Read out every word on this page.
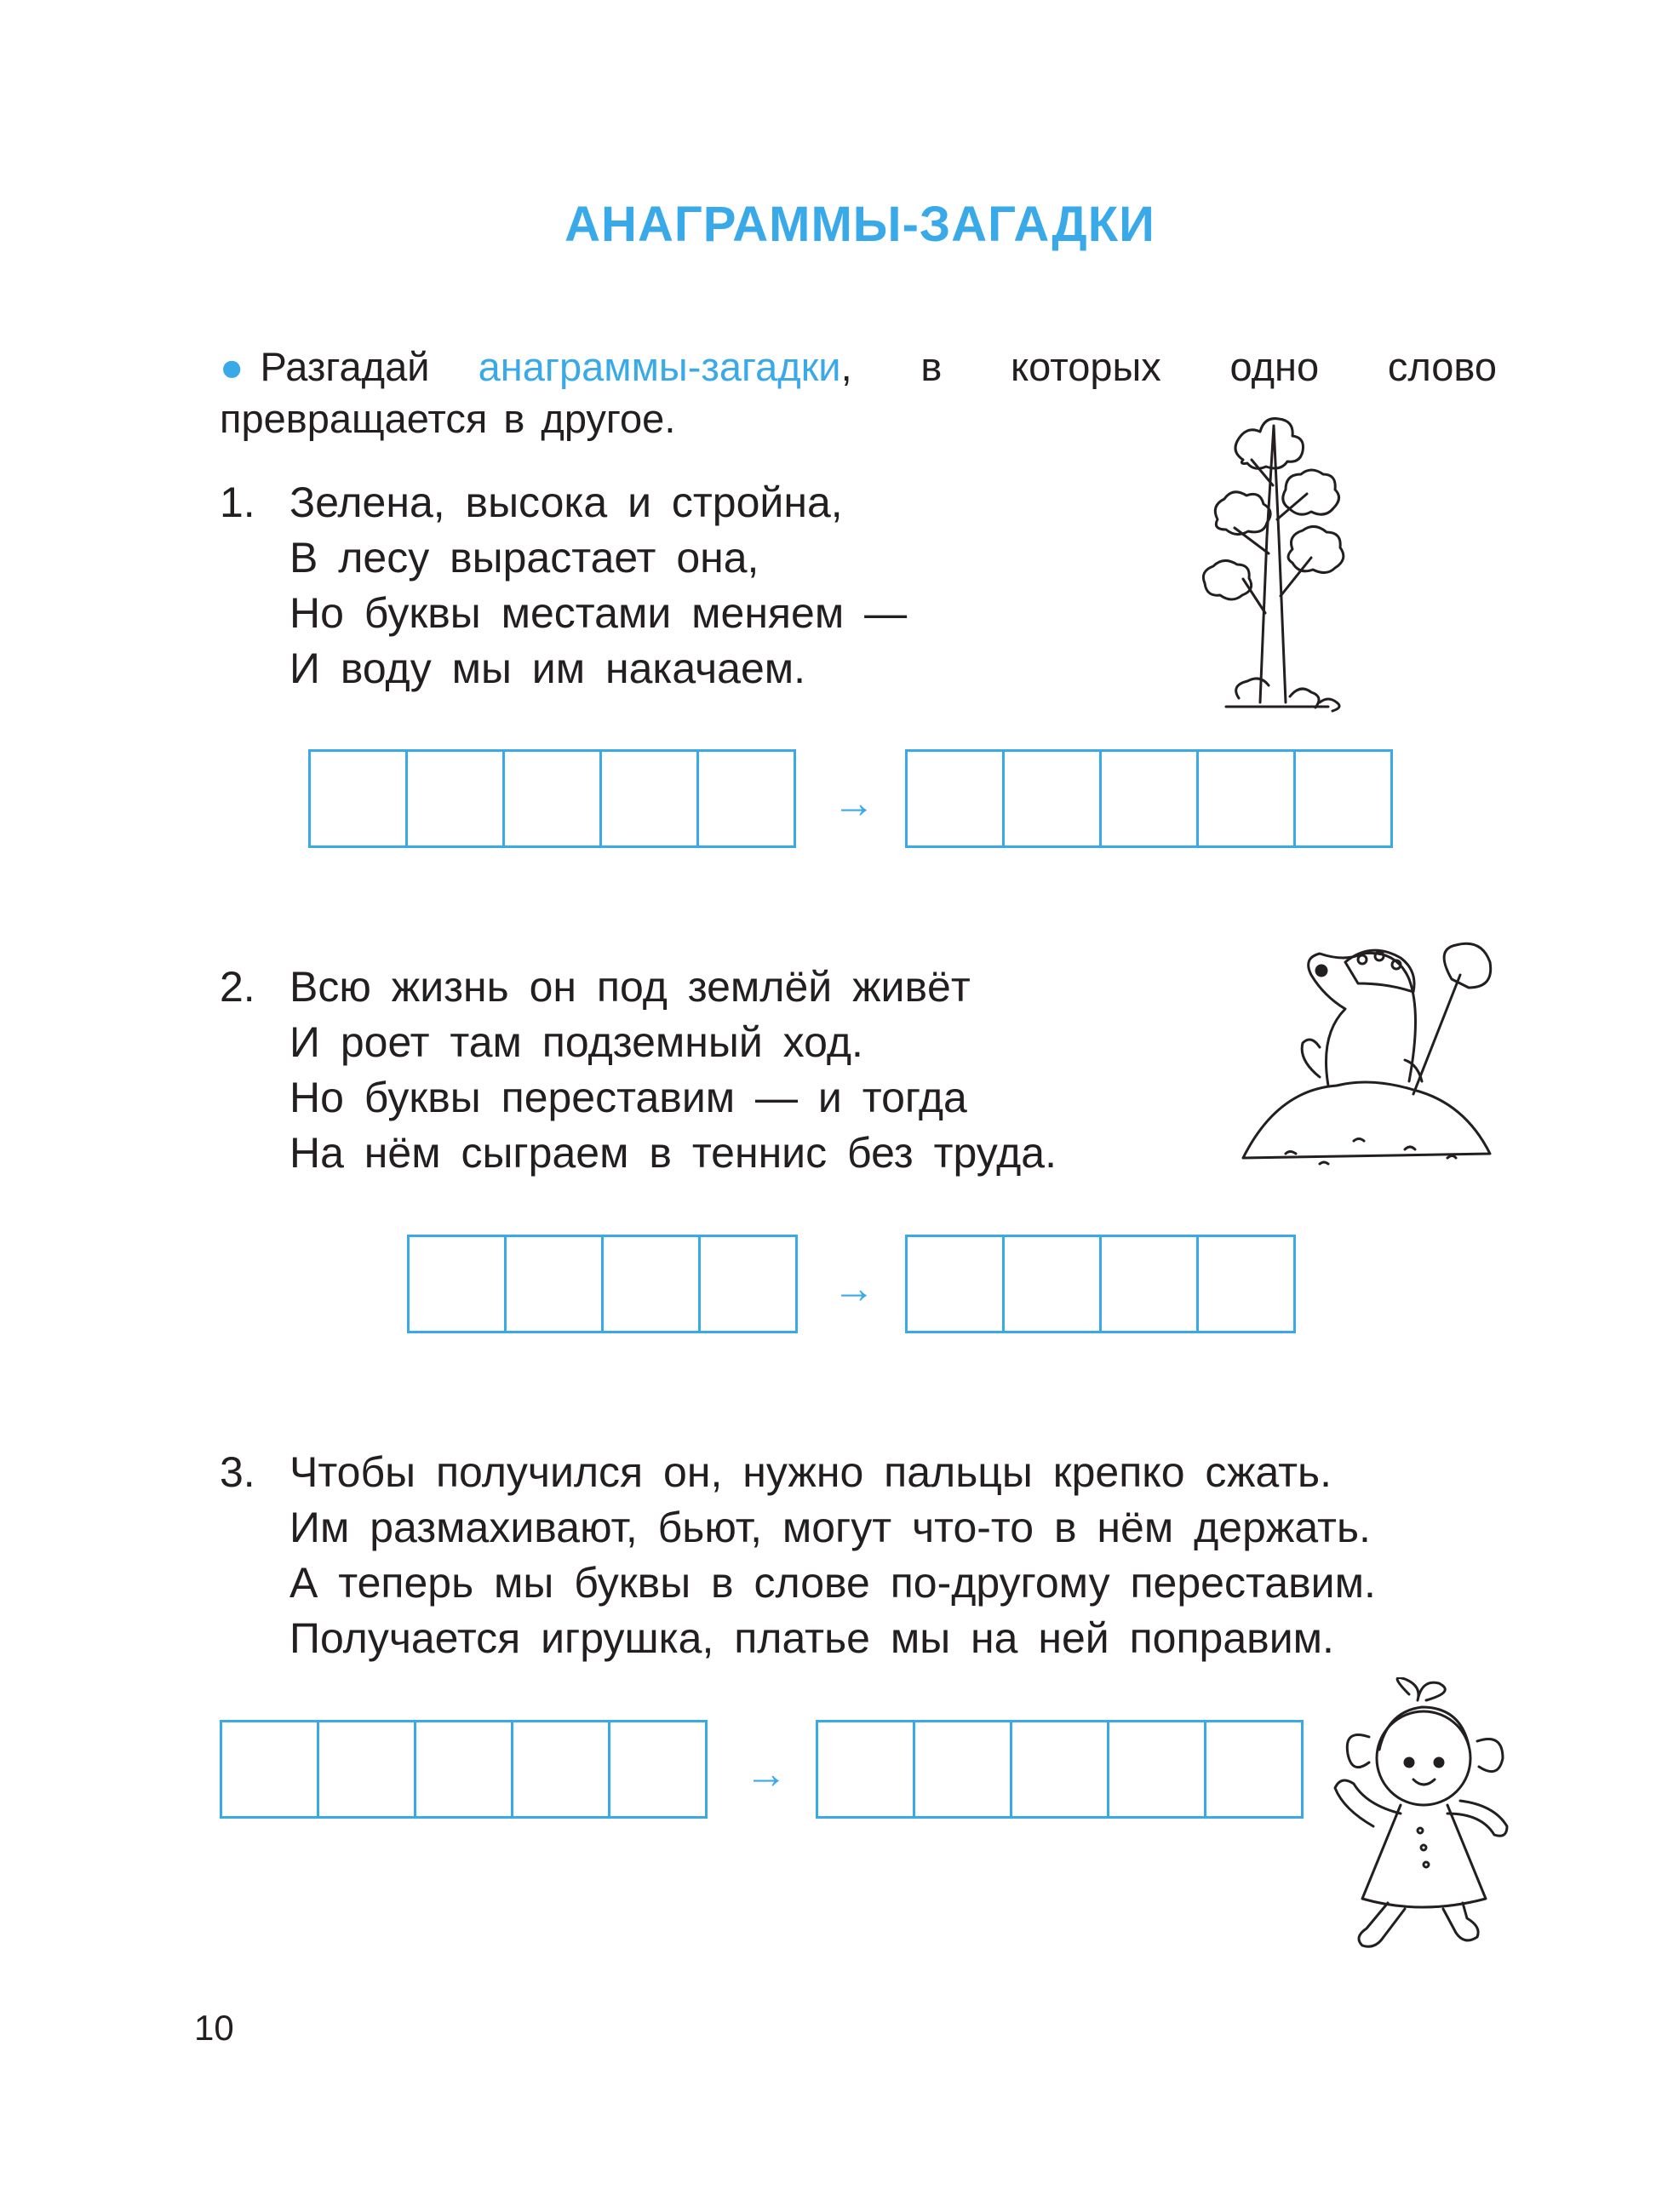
АНАГРАММЫ-ЗАГАДКИ
● Разгадай анаграммы-загадки, в которых одно слово
превращается в другое.
1. Зелена, высока и стройна,
В лесу вырастает она,
Но буквы местами меняем —
И воду мы им накачаем.
→
2. Всю жизнь он под землёй живёт
И роет там подземный ход.
Но буквы переставим — и тогда
На нём сыграем в теннис без труда.
→
3. Чтобы получился он, нужно пальцы крепко сжать.
Им размахивают, бьют, могут что-то в нём держать.
А теперь мы буквы в слове по-другому переставим.
Получается игрушка, платье мы на ней поправим.
→
10
